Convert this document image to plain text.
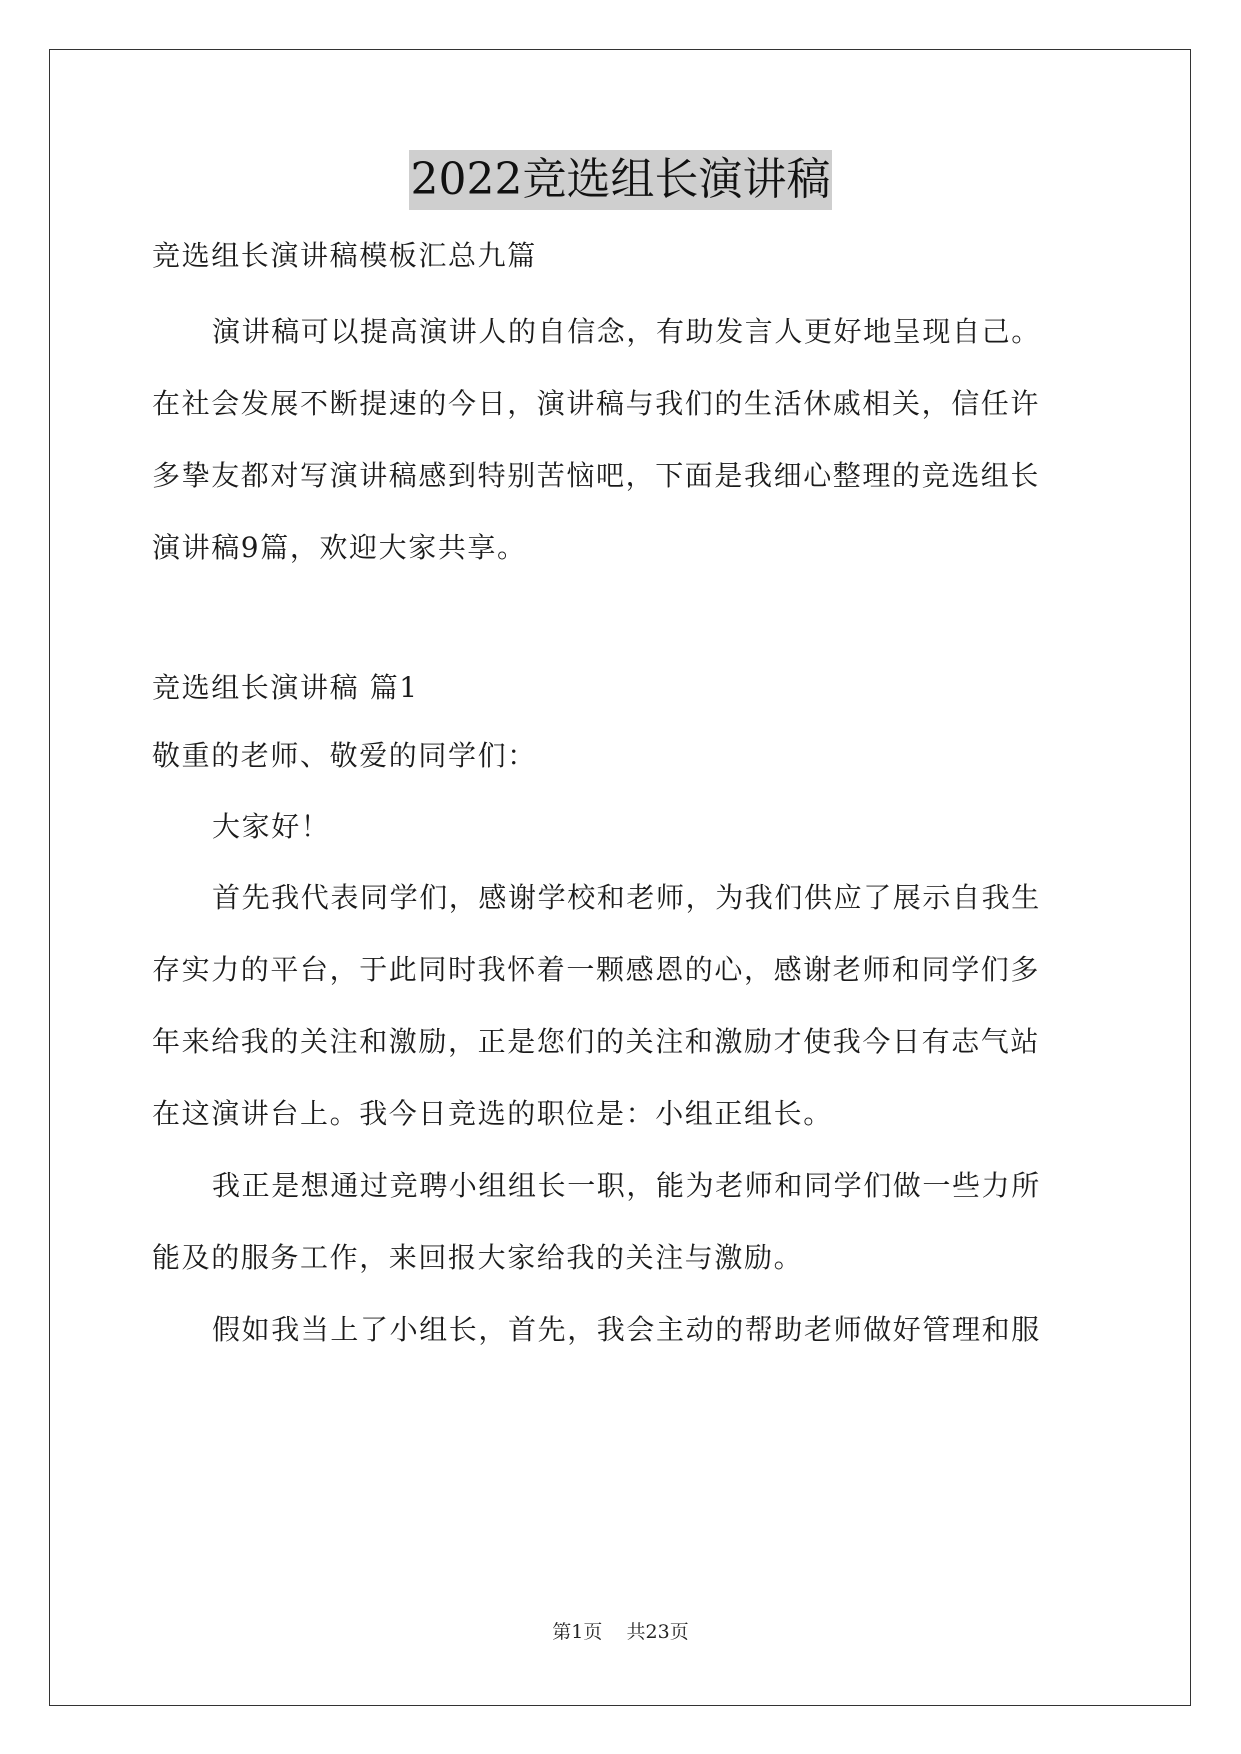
2022竞选组长演讲稿
竞选组长演讲稿模板汇总九篇
演讲稿可以提高演讲人的自信念，有助发言人更好地呈现自己。
在社会发展不断提速的今日，演讲稿与我们的生活休戚相关，信任许
多挚友都对写演讲稿感到特别苦恼吧，下面是我细心整理的竞选组长
演讲稿9篇，欢迎大家共享。
竞选组长演讲稿 篇1
敬重的老师、敬爱的同学们：
大家好！
首先我代表同学们，感谢学校和老师，为我们供应了展示自我生
存实力的平台，于此同时我怀着一颗感恩的心，感谢老师和同学们多
年来给我的关注和激励，正是您们的关注和激励才使我今日有志气站
在这演讲台上。我今日竞选的职位是：小组正组长。
我正是想通过竞聘小组组长一职，能为老师和同学们做一些力所
能及的服务工作，来回报大家给我的关注与激励。
假如我当上了小组长，首先，我会主动的帮助老师做好管理和服
第1页 共23页
